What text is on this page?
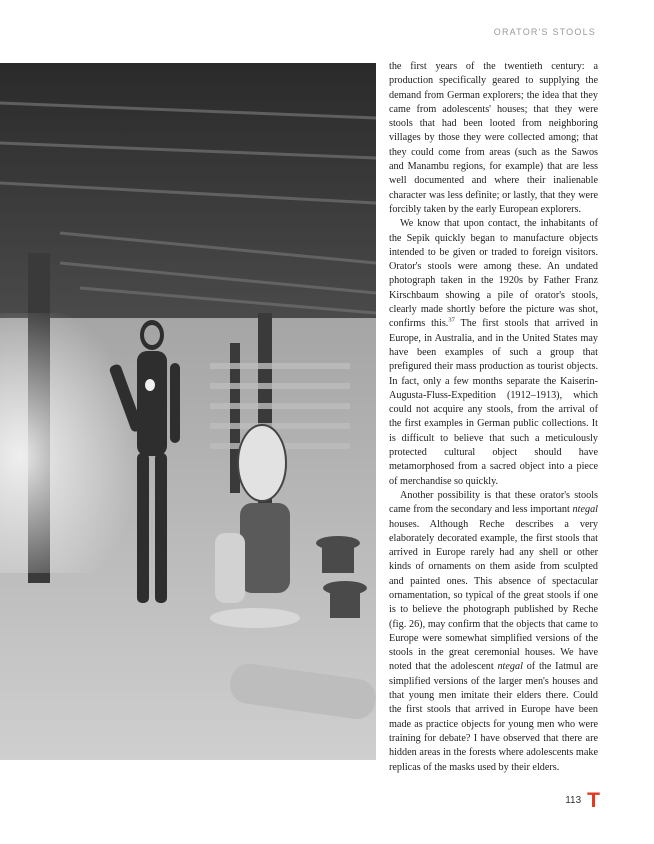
ORATOR'S STOOLS

the first years of the twentieth century: a production specifically geared to supplying the demand from German explorers; the idea that they came from adolescents' houses; that they were stools that had been looted from neighboring villages by those they were collected among; that they could come from areas (such as the Sawos and Manambu regions, for example) that are less well documented and where their inalienable character was less definite; or lastly, that they were forcibly taken by the early European explorers.

We know that upon contact, the inhabitants of the Sepik quickly began to manufacture objects intended to be given or traded to foreign visitors. Orator's stools were among these. An undated photograph taken in the 1920s by Father Franz Kirschbaum showing a pile of orator's stools, clearly made shortly before the picture was shot, confirms this.$^{37}$ The first stools that arrived in Europe, in Australia, and in the United States may have been examples of such a group that prefigured their mass production as tourist objects. In fact, only a few months separate the Kaiserin-Augusta-Fluss-Expedition (1912–1913), which could not acquire any stools, from the arrival of the first examples in German public collections. It is difficult to believe that such a meticulously protected cultural object should have metamorphosed from a sacred object into a piece of merchandise so quickly.

Another possibility is that these orator's stools came from the secondary and less important ntegal houses. Although Reche describes a very elaborately decorated example, the first stools that arrived in Europe rarely had any shell or other kinds of ornaments on them aside from sculpted and painted ones. This absence of spectacular ornamentation, so typical of the great stools if one is to believe the photograph published by Reche (fig. 26), may confirm that the objects that came to Europe were somewhat simplified versions of the stools in the great ceremonial houses. We have noted that the adolescent ntegal of the Iatmul are simplified versions of the larger men's houses and that young men imitate their elders there. Could the first stools that arrived in Europe have been made as practice objects for young men who were training for debate? I have observed that there are hidden areas in the forests where adolescents make replicas of the masks used by their elders.

113 T
